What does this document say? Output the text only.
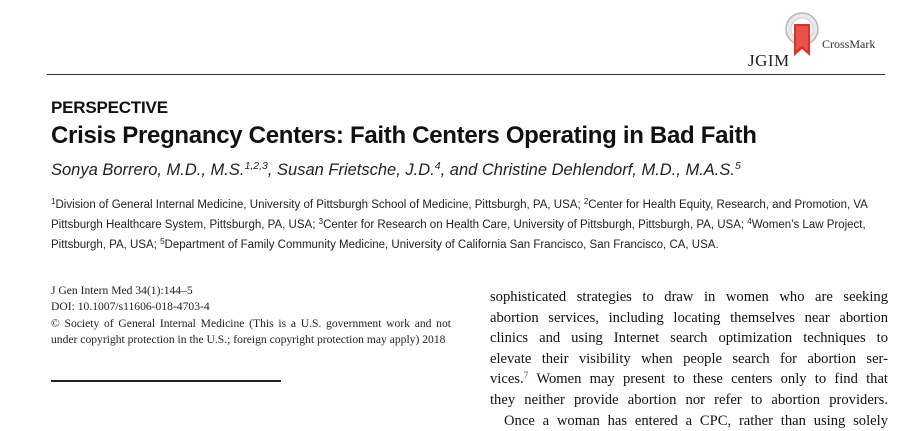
JGIM
CrossMark
PERSPECTIVE
Crisis Pregnancy Centers: Faith Centers Operating in Bad Faith
Sonya Borrero, M.D., M.S.$^{1,2,3}$, Susan Frietsche, J.D.$^4$, and Christine Dehlendorf, M.D., M.A.S.$^5$
$^1$Division of General Internal Medicine, University of Pittsburgh School of Medicine, Pittsburgh, PA, USA; $^2$Center for Health Equity, Research, and Promotion, VA Pittsburgh Healthcare System, Pittsburgh, PA, USA; $^3$Center for Research on Health Care, University of Pittsburgh, Pittsburgh, PA, USA; $^4$Women’s Law Project, Pittsburgh, PA, USA; $^5$Department of Family Community Medicine, University of California San Francisco, San Francisco, CA, USA.
J Gen Intern Med 34(1):144–5
DOI: 10.1007/s11606-018-4703-4
© Society of General Internal Medicine (This is a U.S. government work and not under copyright protection in the U.S.; foreign copyright protection may apply) 2018
sophisticated strategies to draw in women who are seeking
abortion services, including locating themselves near abortion
clinics and using Internet search optimization techniques to
elevate their visibility when people search for abortion ser-
vices.$^7$ Women may present to these centers only to find that
they neither provide abortion nor refer to abortion providers.
Once a woman has entered a CPC, rather than using solely
